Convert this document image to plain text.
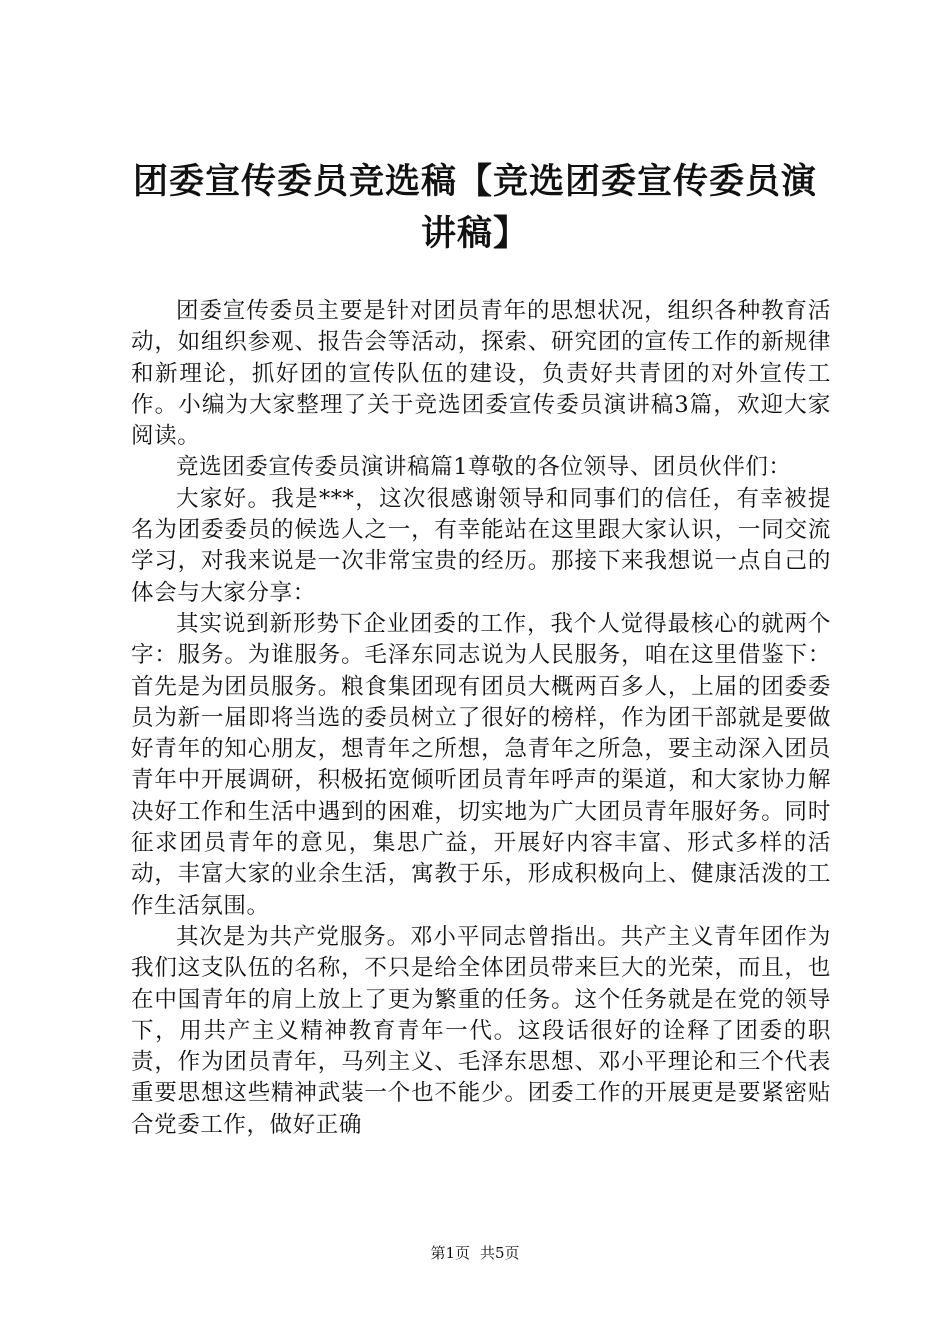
团委宣传委员竞选稿【竞选团委宣传委员演讲稿】

团委宣传委员主要是针对团员青年的思想状况，组织各种教育活动，如组织参观、报告会等活动，探索、研究团的宣传工作的新规律和新理论，抓好团的宣传队伍的建设，负责好共青团的对外宣传工作。小编为大家整理了关于竞选团委宣传委员演讲稿3篇，欢迎大家阅读。

竞选团委宣传委员演讲稿篇1尊敬的各位领导、团员伙伴们：

大家好。我是***，这次很感谢领导和同事们的信任，有幸被提名为团委委员的候选人之一，有幸能站在这里跟大家认识，一同交流学习，对我来说是一次非常宝贵的经历。那接下来我想说一点自己的体会与大家分享：

其实说到新形势下企业团委的工作，我个人觉得最核心的就两个字：服务。为谁服务。毛泽东同志说为人民服务，咱在这里借鉴下：首先是为团员服务。粮食集团现有团员大概两百多人，上届的团委委员为新一届即将当选的委员树立了很好的榜样，作为团干部就是要做好青年的知心朋友，想青年之所想，急青年之所急，要主动深入团员青年中开展调研，积极拓宽倾听团员青年呼声的渠道，和大家协力解决好工作和生活中遇到的困难，切实地为广大团员青年服好务。同时征求团员青年的意见，集思广益，开展好内容丰富、形式多样的活动，丰富大家的业余生活，寓教于乐，形成积极向上、健康活泼的工作生活氛围。

其次是为共产党服务。邓小平同志曾指出。共产主义青年团作为我们这支队伍的名称，不只是给全体团员带来巨大的光荣，而且，也在中国青年的肩上放上了更为繁重的任务。这个任务就是在党的领导下，用共产主义精神教育青年一代。这段话很好的诠释了团委的职责，作为团员青年，马列主义、毛泽东思想、邓小平理论和三个代表重要思想这些精神武装一个也不能少。团委工作的开展更是要紧密贴合党委工作，做好正确

第1页 共5页
